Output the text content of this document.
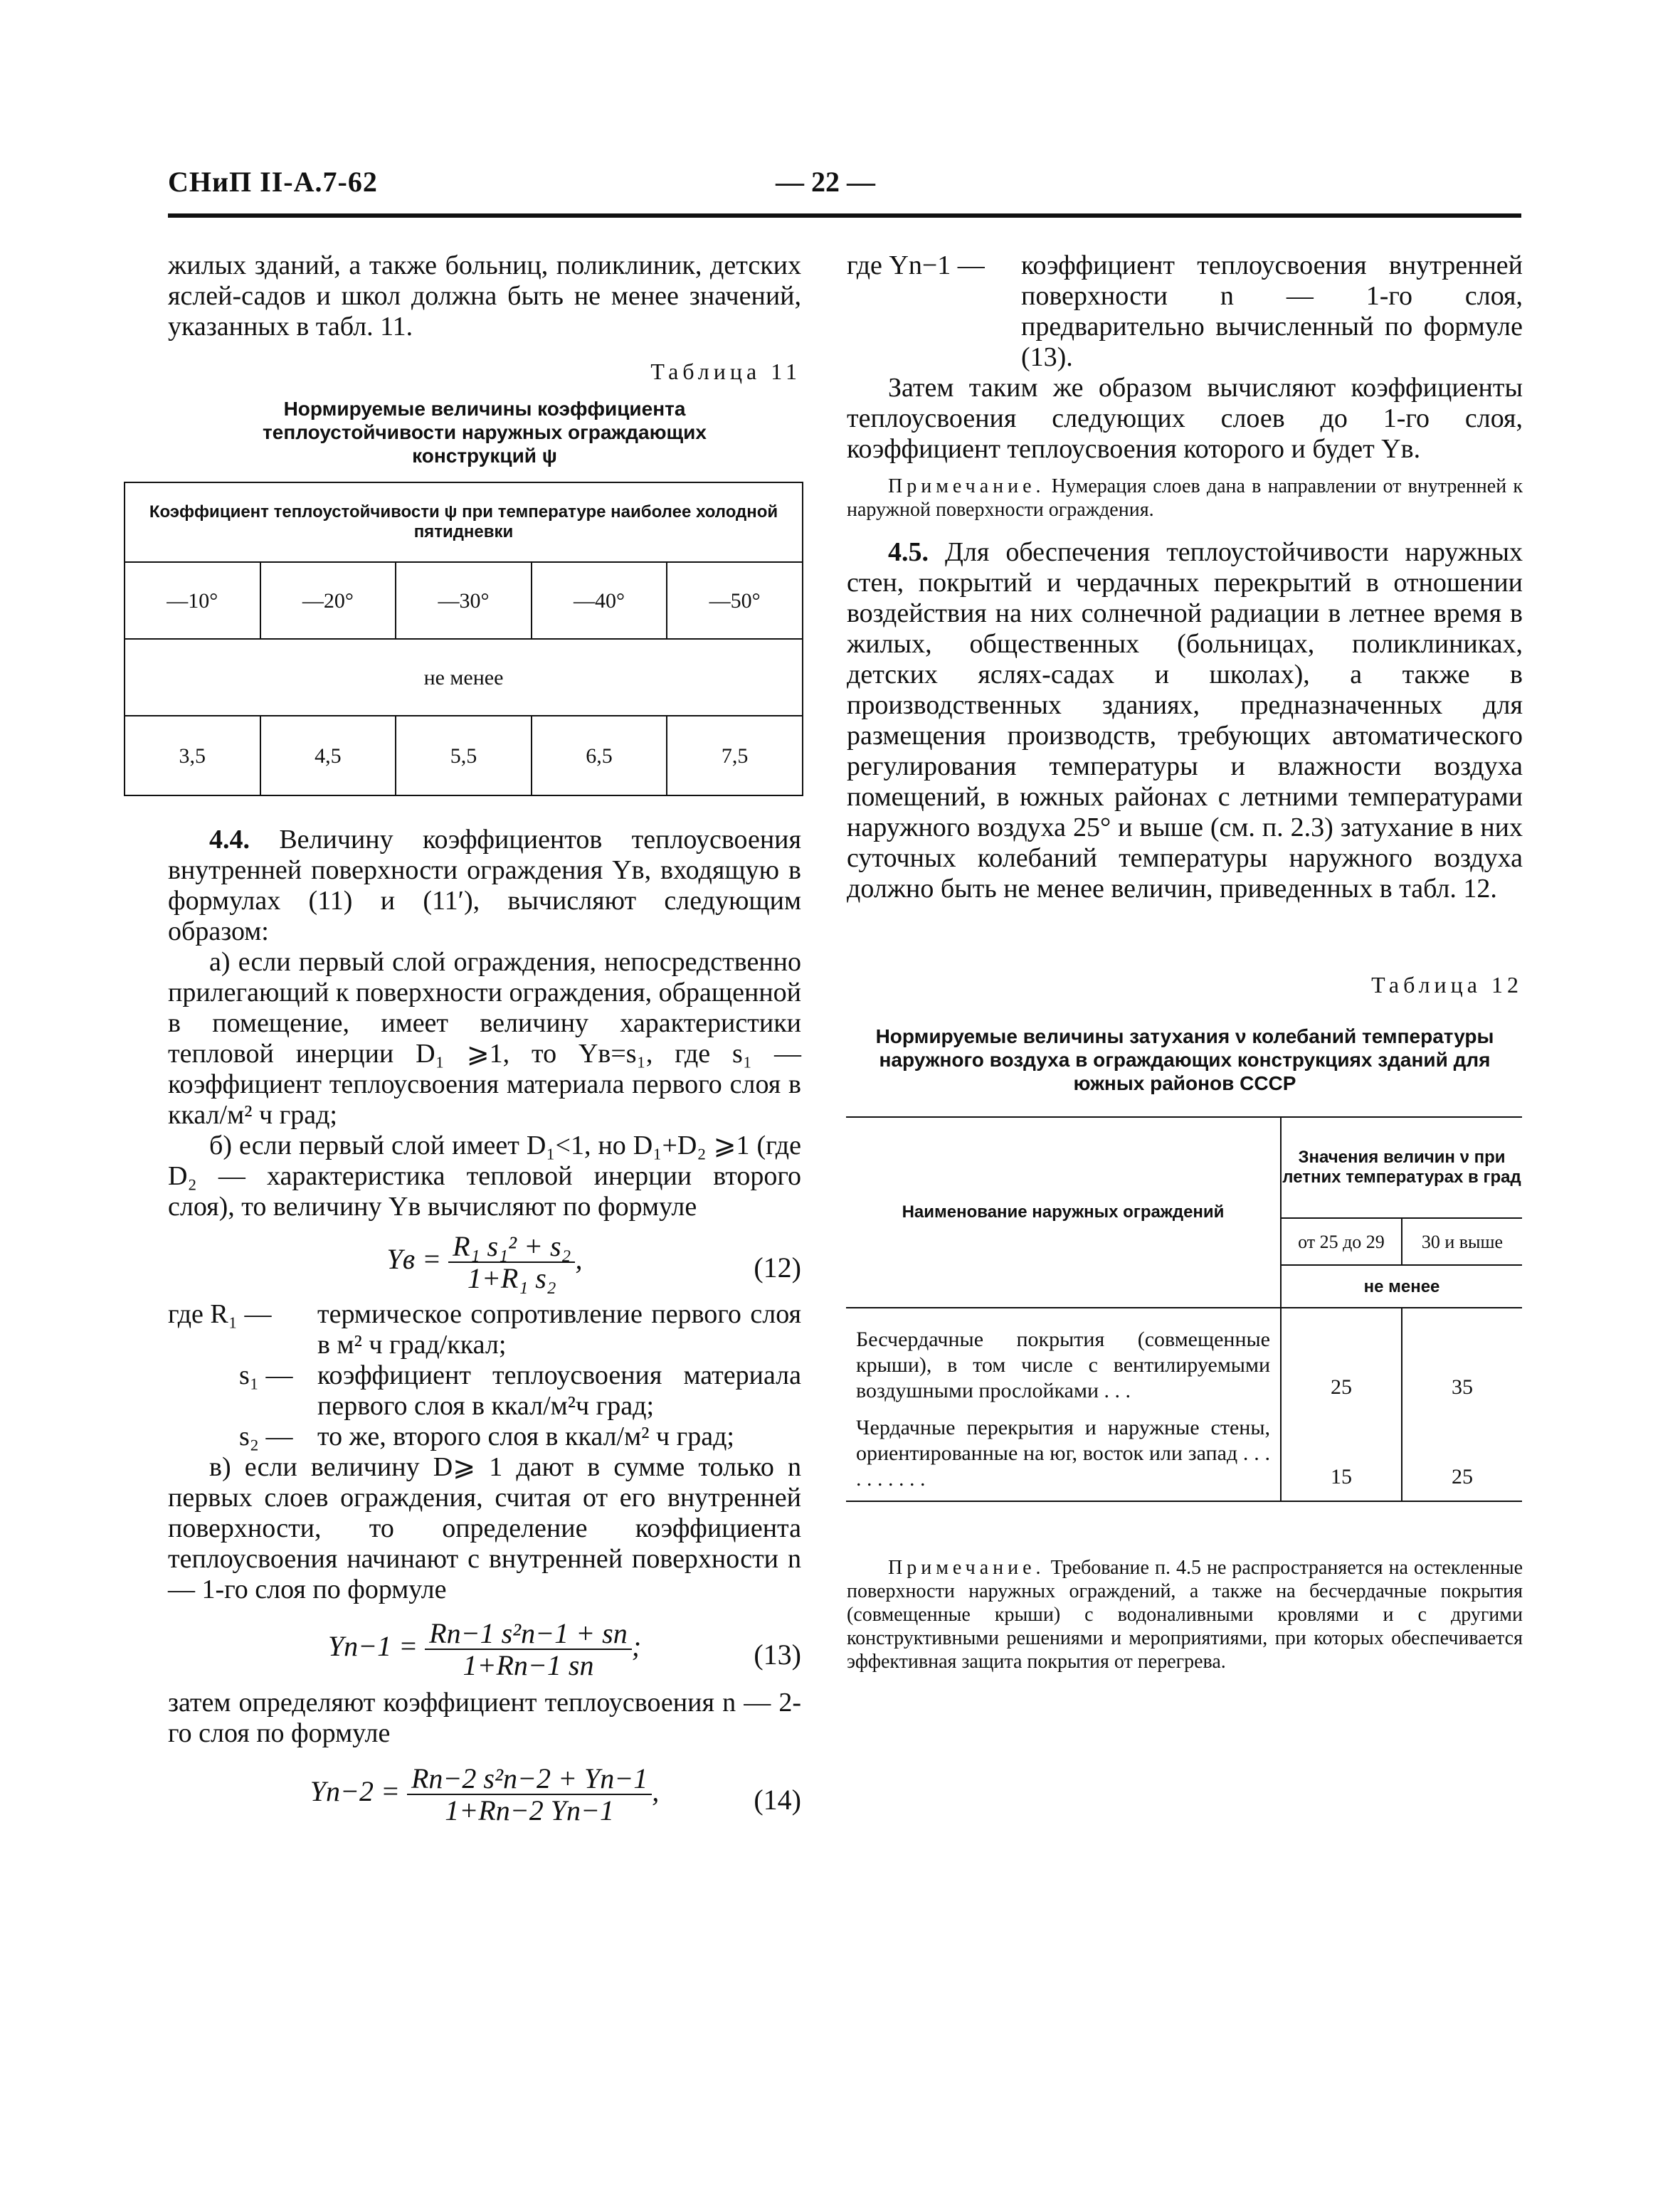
СНиП II-А.7-62	— 22 —

жилых зданий, а также больниц, поликлиник, детских яслей-садов и школ должна быть не менее значений, указанных в табл. 11.

Таблица 11
Нормируемые величины коэффициента теплоустойчивости наружных ограждающих конструкций ψ
Коэффициент теплоустойчивости ψ при температуре наиболее холодной пятидневки				
—10°	—20°	—30°	—40°	—50°
не менее				
3,5	4,5	5,5	6,5	7,5

4.4. Величину коэффициентов теплоусвоения внутренней поверхности ограждения Yв, входящую в формулах (11) и (11′), вычисляют следующим образом:

а) если первый слой ограждения, непосредственно прилегающий к поверхности ограждения, обращенной в помещение, имеет величину характеристики тепловой инерции D₁ ⩾1, то Yв=s₁, где s₁ — коэффициент теплоусвоения материала первого слоя в ккал/м² ч град;

б) если первый слой имеет D₁<1, но D₁+D₂ ⩾1 (где D₂ — характеристика тепловой инерции второго слоя), то величину Yв вычисляют по формуле

Yв = $\frac{\text{R₁ s₁² + s₂}}{\text{1+R₁ s₂}}$ ,	(12)
где R₁ —	термическое сопротивление первого слоя в м² ч град/ккал;
s₁ — коэффициент теплоусвоения материала первого слоя в ккал/м²ч град;
s₂ — то же, второго слоя в ккал/м² ч град;

в) если величину D⩾ 1 дают в сумме только n первых слоев ограждения, считая от его внутренней поверхности, то определение коэффициента теплоусвоения начинают с внутренней поверхности n — 1-го слоя по формуле

$Yn-1 = \frac{\text{Rn−1 s²n−1 + sn}}{1+Rn-1 sn}$ ;	(13)

затем определяют коэффициент теплоусвоения n — 2-го слоя по формуле

$Yn-2 = \frac{\text{Rn−2 s²n−2 + Yn−1}}{1+Rn-2 Yn-1}$ ,	(14)
где Yn−1 —	коэффициент теплоусвоения внутренней поверхности n — 1-го слоя, предварительно вычисленный по формуле (13).

Затем таким же образом вычисляют коэффициенты теплоусвоения следующих слоев до 1-го слоя, коэффициент теплоусвоения которого и будет Yв.

Примечание. Нумерация слоев дана в направлении от внутренней к наружной поверхности ограждения.

4.5. Для обеспечения теплоустойчивости наружных стен, покрытий и чердачных перекрытий в отношении воздействия на них солнечной радиации в летнее время в жилых, общественных (больницах, поликлиниках, детских яслях-садах и школах), а также в производственных зданиях, предназначенных для размещения производств, требующих автоматического регулирования температуры и влажности воздуха помещений, в южных районах с летними температурами наружного воздуха 25° и выше (см. п. 2.3) затухание в них суточных колебаний температуры наружного воздуха должно быть не менее величин, приведенных в табл. 12.

Таблица 12
Нормируемые величины затухания ν колебаний температуры наружного воздуха в ограждающих конструкциях зданий для южных районов СССР
Наименование наружных ограждений	Значения величин ν при летних температурах в град	
	от 25 до 29	30 и выше
	не менее	
Бесчердачные покрытия (совмещенные крыши), в том числе с вентилируемыми воздушными прослойками . . .	25	35
Чердачные перекрытия и наружные стены, ориентированные на юг, восток или запад . . . . . . . . . .	15	25

Примечание. Требование п. 4.5 не распространяется на остекленные поверхности наружных ограждений, а также на бесчердачные покрытия (совмещенные крыши) с водоналивными кровлями и с другими конструктивными решениями и мероприятиями, при которых обеспечивается эффективная защита покрытия от перегрева.
